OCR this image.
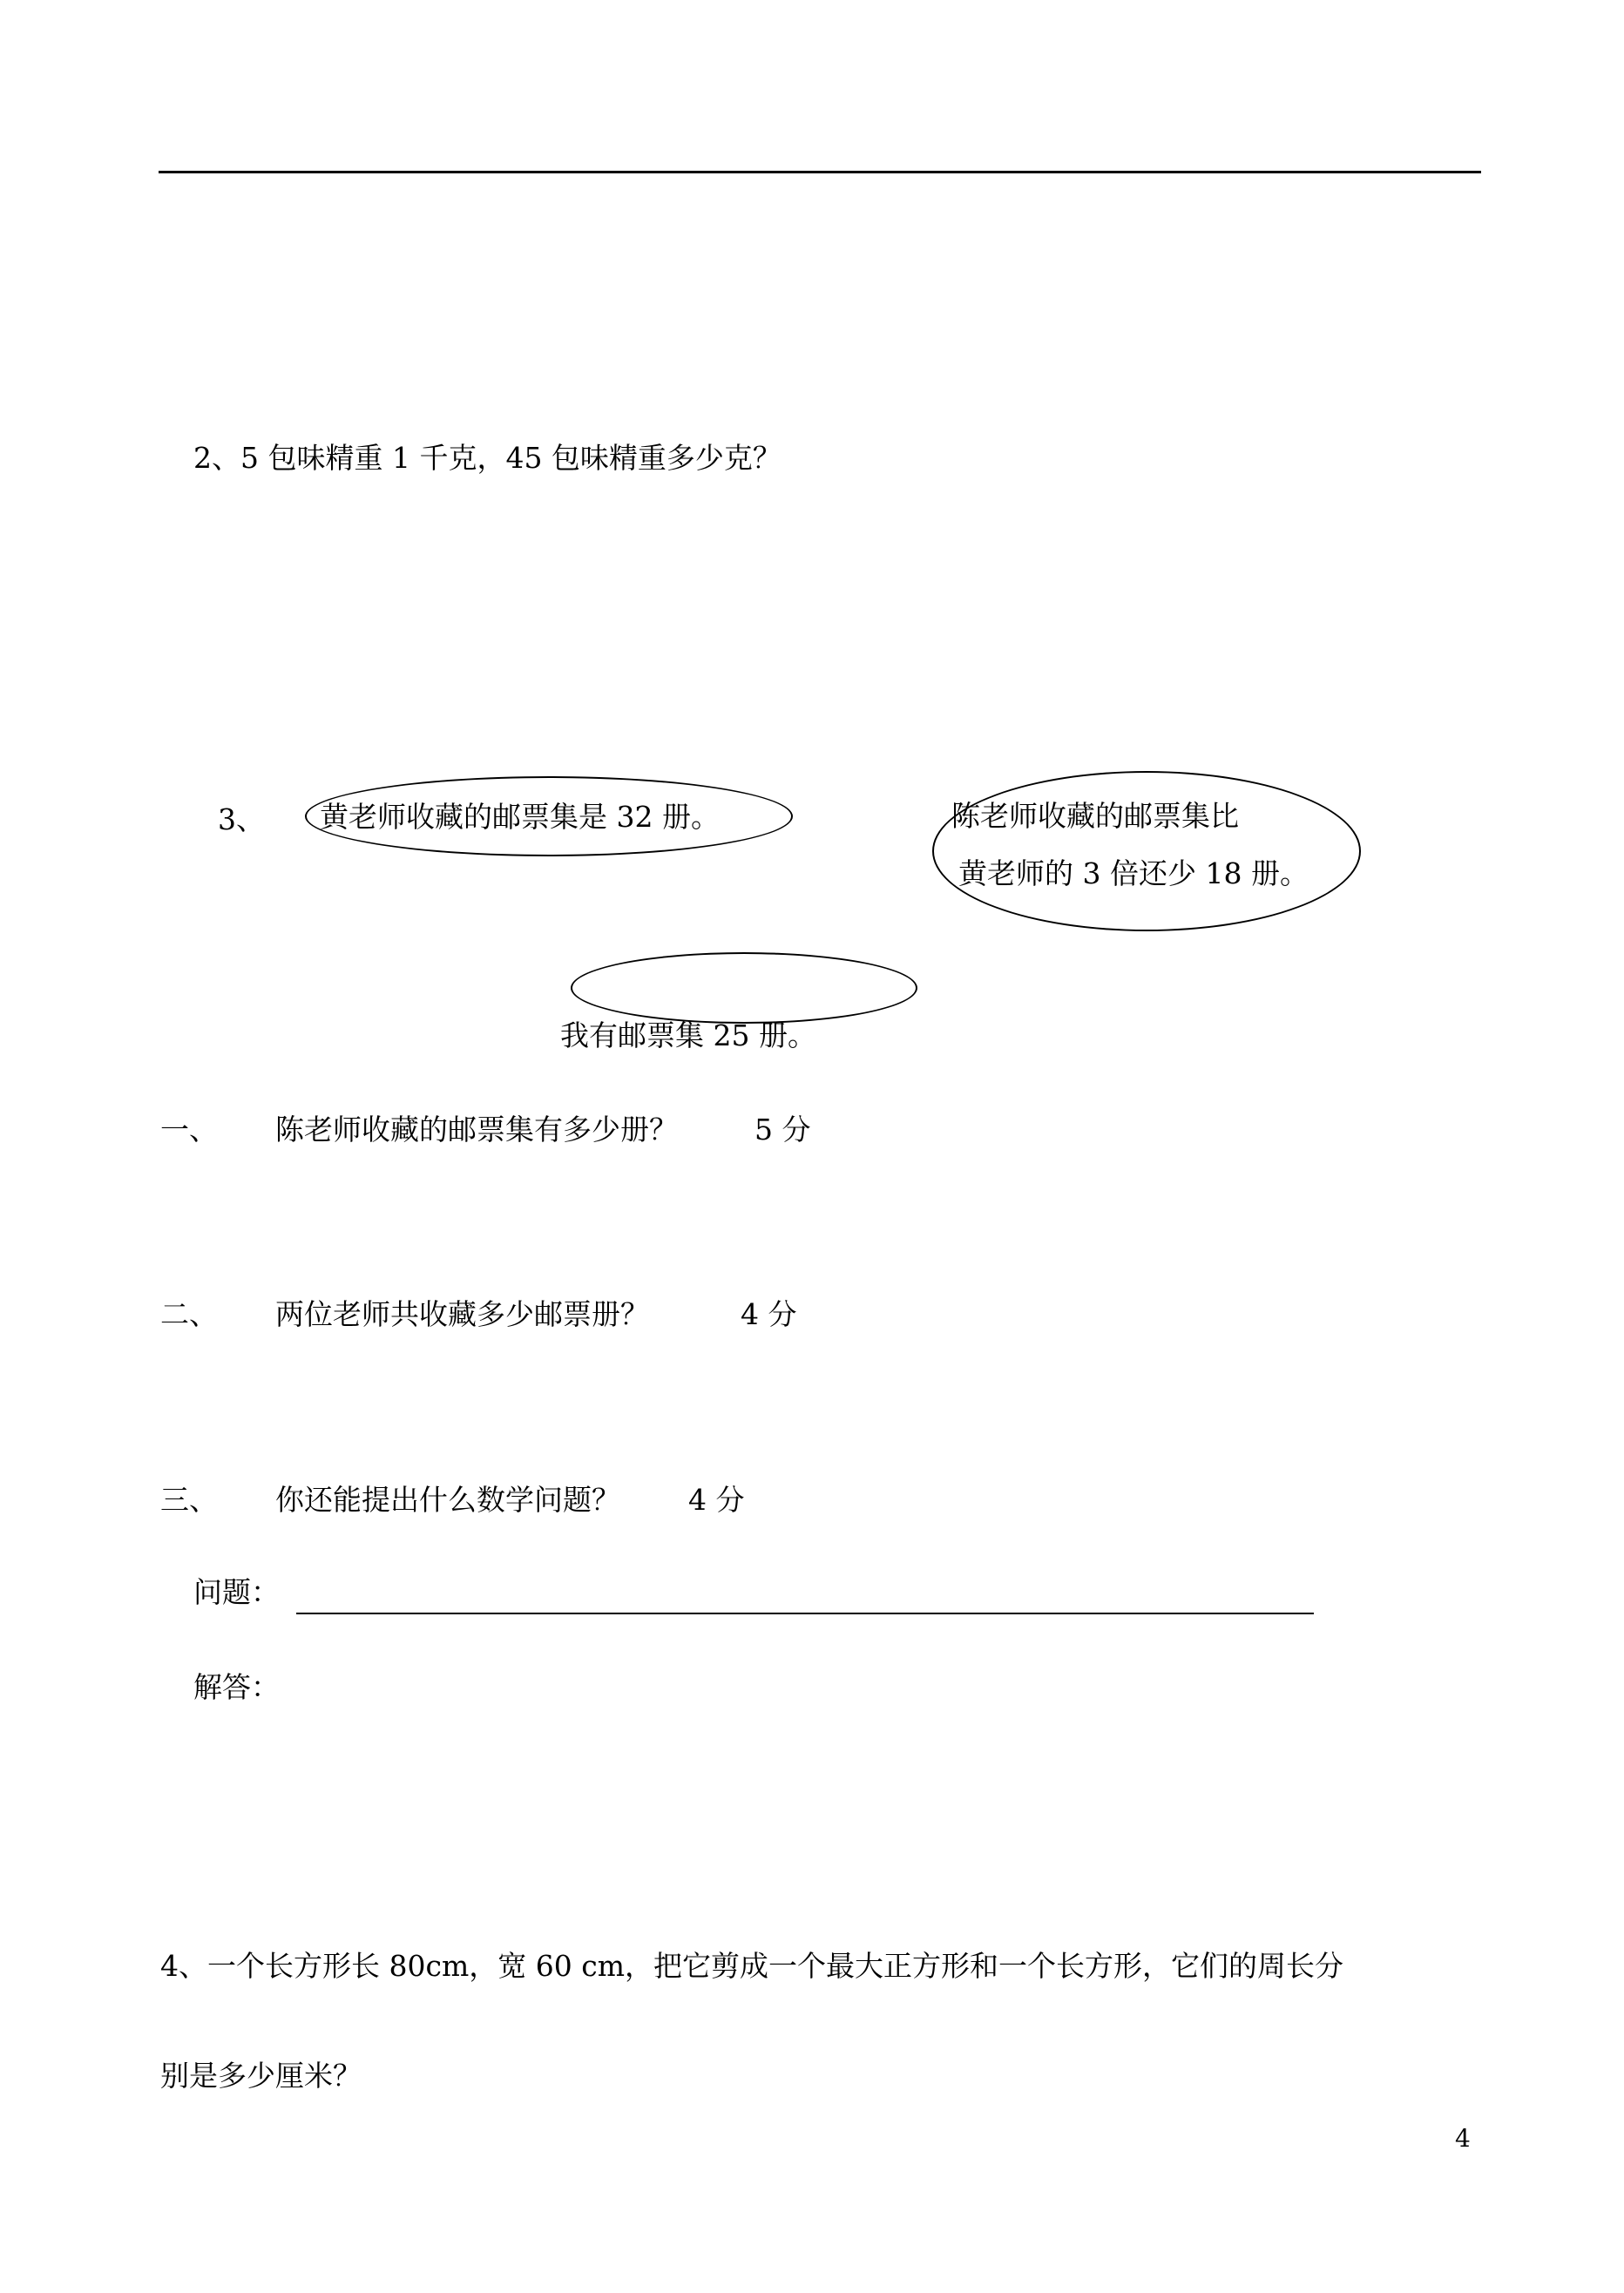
2、5 包味精重 1 千克，45 包味精重多少克？
3、 黄老师收藏的邮票集是 32 册。	陈老师收藏的邮票集比
黄老师的 3 倍还少 18 册。
我有邮票集 25 册。
一、 陈老师收藏的邮票集有多少册？	5 分
二、 两位老师共收藏多少邮票册？	4 分
三、 你还能提出什么数学问题？ 4 分
问题：
解答：
4、一个长方形长 80cm，宽 60 cm，把它剪成一个最大正方形和一个长方形，它们的周长分
别是多少厘米？
4
